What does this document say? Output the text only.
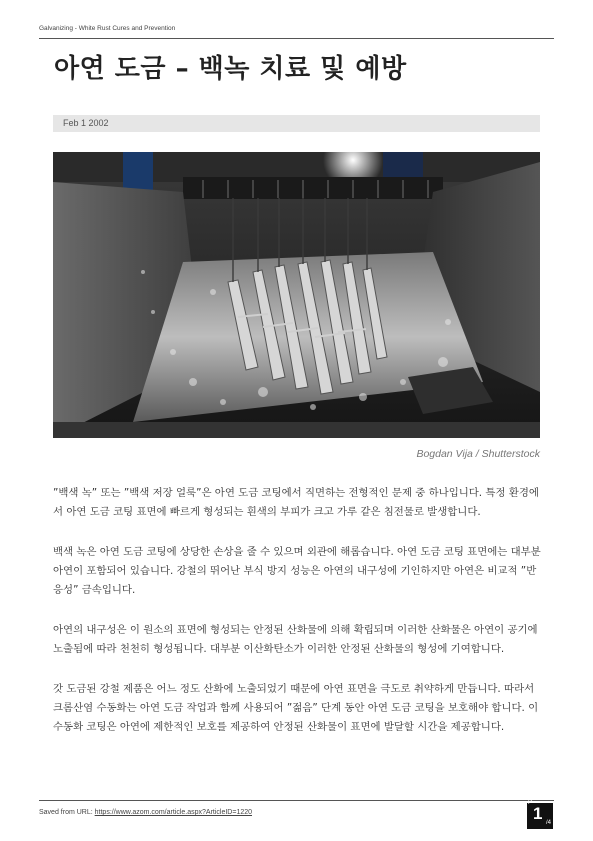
Galvanizing - White Rust Cures and Prevention
아연 도금 – 백녹 치료 및 예방
Feb 1 2002
Bogdan Vija / Shutterstock

”백색 녹” 또는 ”백색 저장 얼룩”은 아연 도금 코팅에서 직면하는 전형적인 문제 중 하나입니다. 특정 환경에서 아연 도금 코팅 표면에 빠르게 형성되는 흰색의 부피가 크고 가루 같은 침전물로 발생합니다.

백색 녹은 아연 도금 코팅에 상당한 손상을 줄 수 있으며 외관에 해롭습니다. 아연 도금 코팅 표면에는 대부분 아연이 포함되어 있습니다. 강철의 뛰어난 부식 방지 성능은 아연의 내구성에 기인하지만 아연은 비교적 ”반응성” 금속입니다.

아연의 내구성은 이 원소의 표면에 형성되는 안정된 산화물에 의해 확립되며 이러한 산화물은 아연이 공기에 노출됨에 따라 천천히 형성됩니다. 대부분 이산화탄소가 이러한 안정된 산화물의 형성에 기여합니다.

갓 도금된 강철 제품은 어느 정도 산화에 노출되었기 때문에 아연 표면을 극도로 취약하게 만듭니다. 따라서 크롬산염 수동화는 아연 도금 작업과 함께 사용되어 ”젊음” 단계 동안 아연 도금 코팅을 보호해야 합니다. 이 수동화 코팅은 아연에 제한적인 보호를 제공하여 안정된 산화물이 표면에 발달할 시간을 제공합니다.

Saved from URL: https://www.azom.com/article.aspx?ArticleID=1220
P
1 /4
